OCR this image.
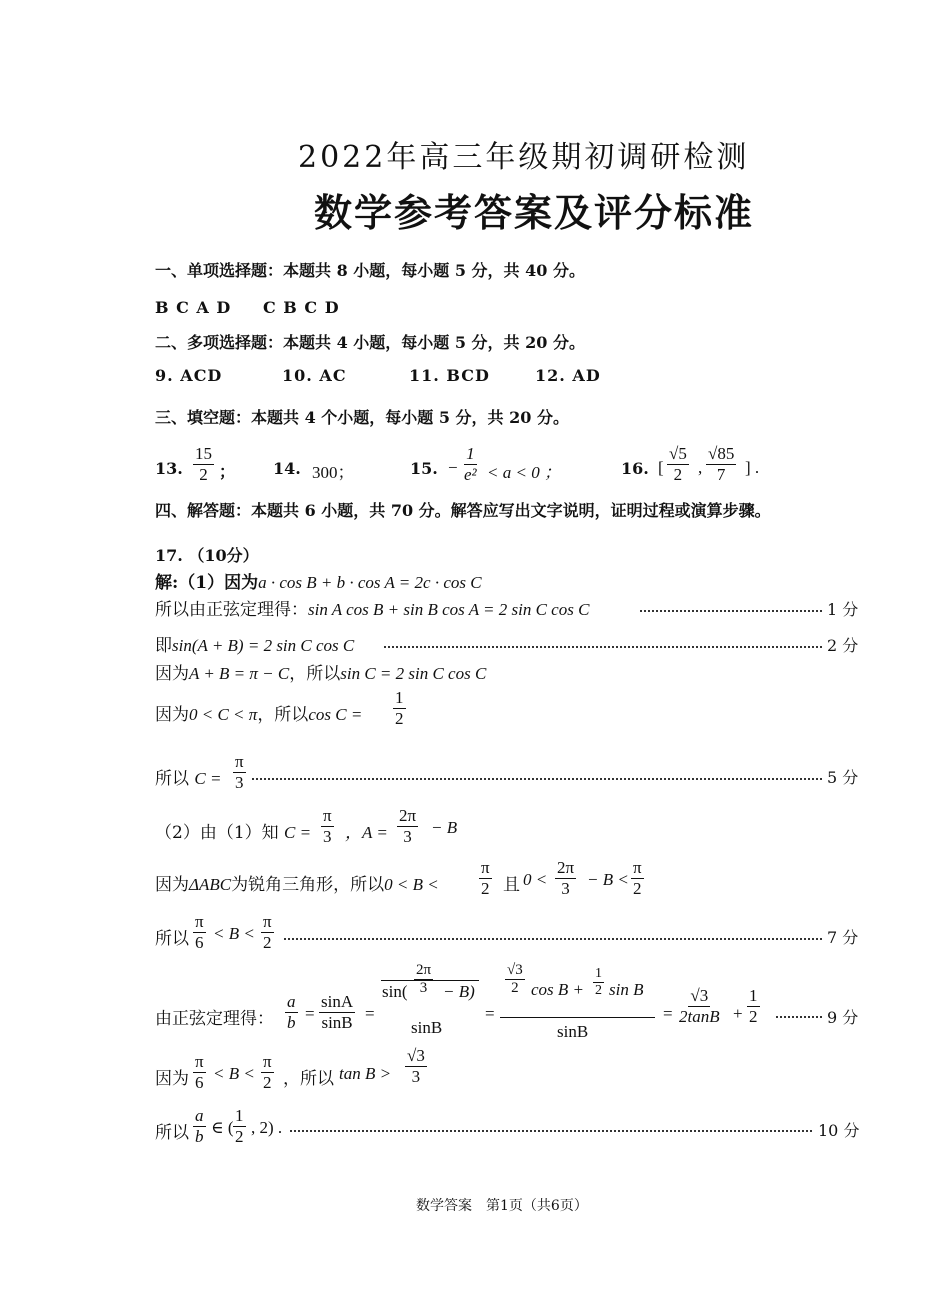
2022年高三年级期初调研检测
数学参考答案及评分标准
一、单项选择题：本题共 8 小题，每小题 5 分，共 40 分。
B C A D C B C D
二、多项选择题：本题共 4 小题，每小题 5 分，共 20 分。
9. ACD	10. AC	11. BCD	12. AD
三、填空题：本题共 4 个小题，每小题 5 分，共 20 分。
13. $\frac{15}{2}$ ； 14. 300；	15. − $\frac{1}{\text{e²}} < a < 0$ ；	16. [ $\frac{√5}{2}$ , $\frac{√85}{7}$ ] .
四、解答题：本题共 6 小题，共 70 分。解答应写出文字说明，证明过程或演算步骤。
17. （10分）
解:（1）因为a · cos B + b · cos A = 2c · cos C
所以由正弦定理得：sin A cos B + sin B cos A = 2 sin C cos C	1 分
即sin(A + B) = 2 sin C cos C	2 分
因为A + B = π − C，所以sin C = 2 sin C cos C
因为0 < C < π，所以$\cos C = \frac{1}{2}$
所以 $C = \frac{\pi}{3}$	5 分
（2）由（1）知 $C = \frac{\pi}{3}$ ，$A = \frac{2\pi}{3} - B$
因为ΔABC为锐角三角形，所以$0 < B < \frac{\pi}{2}$ 且 $0 < \frac{2\pi}{3} - B < \frac{\pi}{2}$
所以 $\frac{\pi}{6} < B < \frac{\pi}{2}$	7 分
由正弦定理得： $\frac{a}{b} = \frac{\sin A}{\sin B}$ =
$\sin( \frac{2\pi}{3} - B)$
sinB
=
$\frac{√3}{2}$ $\cos B + \frac{1}{2}$ sin B
sinB
= $\frac{√3}{2\tan B} + \frac{1}{2}$	9 分
因为 $\frac{\pi}{6} < B < \frac{\pi}{2}$ ，所以 $\tan B > \frac{√3}{3}$
所以 $\frac{a}{b}$ ∈ ( $\frac{1}{2}$ , 2) .	10 分
数学答案　第1页（共6页）
